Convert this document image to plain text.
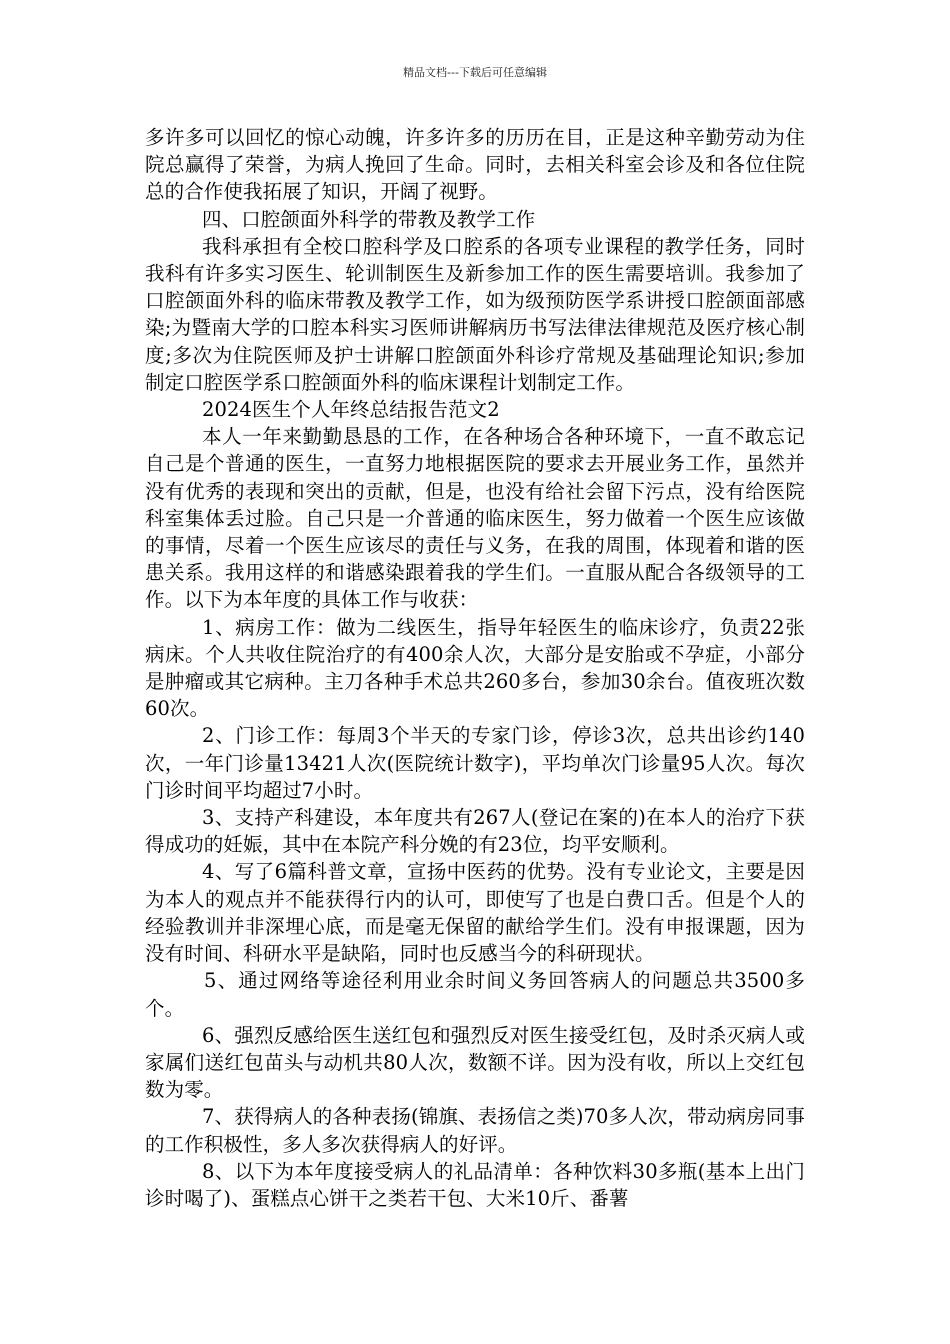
精品文档---下载后可任意编辑

多许多可以回忆的惊心动魄，许多许多的历历在目，正是这种辛勤劳动为住院总赢得了荣誉，为病人挽回了生命。同时，去相关科室会诊及和各位住院总的合作使我拓展了知识，开阔了视野。

四、口腔颌面外科学的带教及教学工作

我科承担有全校口腔科学及口腔系的各项专业课程的教学任务，同时我科有许多实习医生、轮训制医生及新参加工作的医生需要培训。我参加了口腔颌面外科的临床带教及教学工作，如为级预防医学系讲授口腔颌面部感染;为暨南大学的口腔本科实习医师讲解病历书写法律法律规范及医疗核心制度;多次为住院医师及护士讲解口腔颌面外科诊疗常规及基础理论知识;参加制定口腔医学系口腔颌面外科的临床课程计划制定工作。

2024医生个人年终总结报告范文2

本人一年来勤勤恳恳的工作，在各种场合各种环境下，一直不敢忘记自己是个普通的医生，一直努力地根据医院的要求去开展业务工作，虽然并没有优秀的表现和突出的贡献，但是，也没有给社会留下污点，没有给医院科室集体丢过脸。自己只是一介普通的临床医生，努力做着一个医生应该做的事情，尽着一个医生应该尽的责任与义务，在我的周围，体现着和谐的医患关系。我用这样的和谐感染跟着我的学生们。一直服从配合各级领导的工作。以下为本年度的具体工作与收获：

1、病房工作：做为二线医生，指导年轻医生的临床诊疗，负责22张病床。个人共收住院治疗的有400余人次，大部分是安胎或不孕症，小部分是肿瘤或其它病种。主刀各种手术总共260多台，参加30余台。值夜班次数60次。

2、门诊工作：每周3个半天的专家门诊，停诊3次，总共出诊约140次，一年门诊量13421人次(医院统计数字)，平均单次门诊量95人次。每次门诊时间平均超过7小时。

3、支持产科建设，本年度共有267人(登记在案的)在本人的治疗下获得成功的妊娠，其中在本院产科分娩的有23位，均平安顺利。

4、写了6篇科普文章，宣扬中医药的优势。没有专业论文，主要是因为本人的观点并不能获得行内的认可，即使写了也是白费口舌。但是个人的经验教训并非深埋心底，而是毫无保留的献给学生们。没有申报课题，因为没有时间、科研水平是缺陷，同时也反感当今的科研现状。

5、通过网络等途径利用业余时间义务回答病人的问题总共3500多个。

6、强烈反感给医生送红包和强烈反对医生接受红包，及时杀灭病人或家属们送红包苗头与动机共80人次，数额不详。因为没有收，所以上交红包数为零。

7、获得病人的各种表扬(锦旗、表扬信之类)70多人次，带动病房同事的工作积极性，多人多次获得病人的好评。

8、以下为本年度接受病人的礼品清单：各种饮料30多瓶(基本上出门诊时喝了)、蛋糕点心饼干之类若干包、大米10斤、番薯
